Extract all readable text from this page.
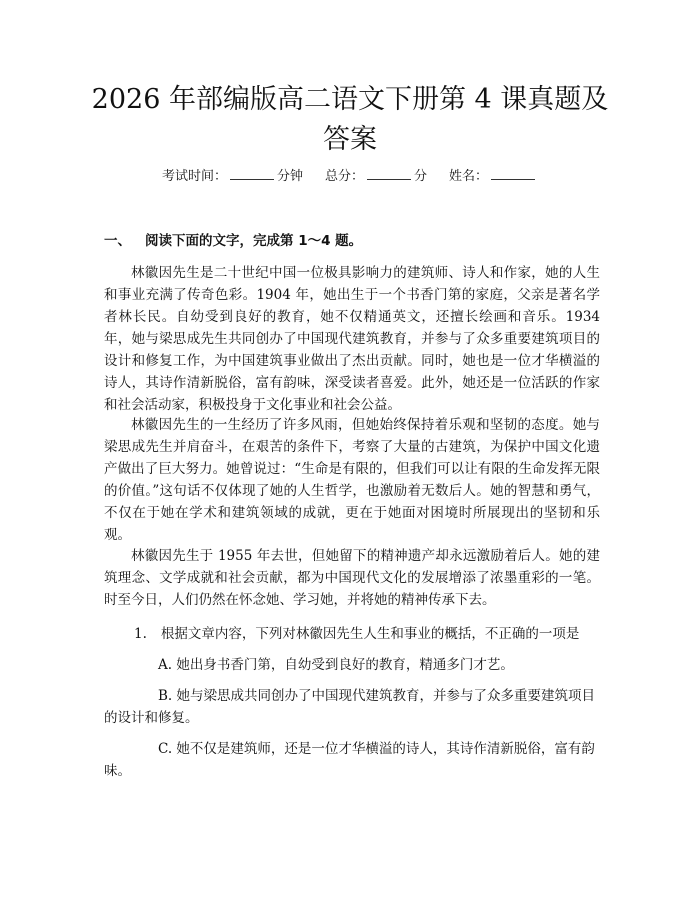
2026 年部编版高二语文下册第 4 课真题及答案
考试时间：	分钟 总分：	分 姓名：
一、 阅读下面的文字，完成第 1～4 题。

林徽因先生是二十世纪中国一位极具影响力的建筑师、诗人和作家，她的人生和事业充满了传奇色彩。1904 年，她出生于一个书香门第的家庭，父亲是著名学者林长民。自幼受到良好的教育，她不仅精通英文，还擅长绘画和音乐。1934 年，她与梁思成先生共同创办了中国现代建筑教育，并参与了众多重要建筑项目的设计和修复工作，为中国建筑事业做出了杰出贡献。同时，她也是一位才华横溢的诗人，其诗作清新脱俗，富有韵味，深受读者喜爱。此外，她还是一位活跃的作家和社会活动家，积极投身于文化事业和社会公益。

林徽因先生的一生经历了许多风雨，但她始终保持着乐观和坚韧的态度。她与梁思成先生并肩奋斗，在艰苦的条件下，考察了大量的古建筑，为保护中国文化遗产做出了巨大努力。她曾说过：“生命是有限的，但我们可以让有限的生命发挥无限的价值。”这句话不仅体现了她的人生哲学，也激励着无数后人。她的智慧和勇气，不仅在于她在学术和建筑领域的成就，更在于她面对困境时所展现出的坚韧和乐观。

林徽因先生于 1955 年去世，但她留下的精神遗产却永远激励着后人。她的建筑理念、文学成就和社会贡献，都为中国现代文化的发展增添了浓墨重彩的一笔。时至今日，人们仍然在怀念她、学习她，并将她的精神传承下去。

1. 根据文章内容，下列对林徽因先生人生和事业的概括，不正确的一项是

A. 她出身书香门第，自幼受到良好的教育，精通多门才艺。

B. 她与梁思成共同创办了中国现代建筑教育，并参与了众多重要建筑项目的设计和修复。

C. 她不仅是建筑师，还是一位才华横溢的诗人，其诗作清新脱俗，富有韵味。
